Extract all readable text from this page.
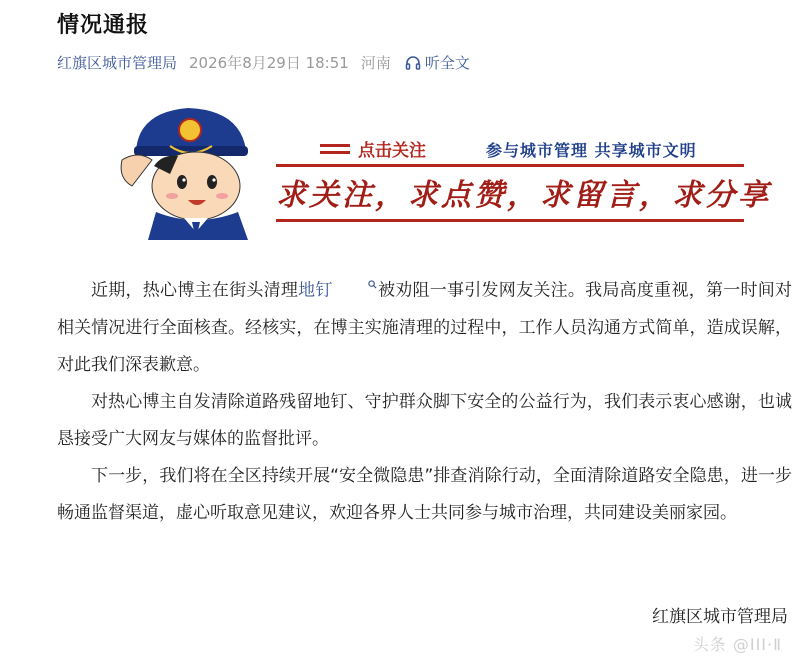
情况通报
红旗区城市管理局 2026年8月29日 18:51 河南 听全文
点击关注	参与城市管理 共享城市文明
求关注，求点赞，求留言，求分享

近期，热心博主在街头清理地钉	被劝阻一事引发网友关注。我局高度重视，第一时间对相关情况进行全面核查。经核实，在博主实施清理的过程中，工作人员沟通方式简单，造成误解，对此我们深表歉意。

对热心博主自发清除道路残留地钉、守护群众脚下安全的公益行为，我们表示衷心感谢，也诚恳接受广大网友与媒体的监督批评。

下一步，我们将在全区持续开展“安全微隐患”排查消除行动，全面清除道路安全隐患，进一步畅通监督渠道，虚心听取意见建议，欢迎各界人士共同参与城市治理，共同建设美丽家园。

红旗区城市管理局
头条 @ⅠⅠⅠ·Ⅱ
